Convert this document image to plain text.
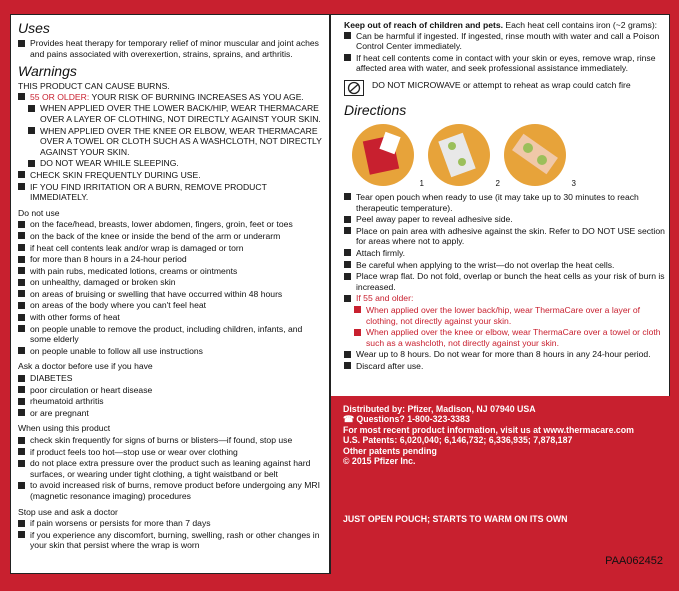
Uses
Provides heat therapy for temporary relief of minor muscular and joint aches and pains associated with overexertion, strains, sprains, and arthritis.
Warnings
THIS PRODUCT CAN CAUSE BURNS.
55 OR OLDER: YOUR RISK OF BURNING INCREASES AS YOU AGE.
WHEN APPLIED OVER THE LOWER BACK/HIP, WEAR THERMACARE OVER A LAYER OF CLOTHING, NOT DIRECTLY AGAINST YOUR SKIN.
WHEN APPLIED OVER THE KNEE OR ELBOW, WEAR THERMACARE OVER A TOWEL OR CLOTH SUCH AS A WASHCLOTH, NOT DIRECTLY AGAINST YOUR SKIN.
DO NOT WEAR WHILE SLEEPING.
CHECK SKIN FREQUENTLY DURING USE.
IF YOU FIND IRRITATION OR A BURN, REMOVE PRODUCT IMMEDIATELY.
Do not use
on the face/head, breasts, lower abdomen, fingers, groin, feet or toes
on the back of the knee or inside the bend of the arm or underarm
if heat cell contents leak and/or wrap is damaged or torn
for more than 8 hours in a 24-hour period
with pain rubs, medicated lotions, creams or ointments
on unhealthy, damaged or broken skin
on areas of bruising or swelling that have occurred within 48 hours
on areas of the body where you can't feel heat
with other forms of heat
on people unable to remove the product, including children, infants, and some elderly
on people unable to follow all use instructions
Ask a doctor before use if you have
DIABETES
poor circulation or heart disease
rheumatoid arthritis
or are pregnant
When using this product
check skin frequently for signs of burns or blisters—if found, stop use
if product feels too hot—stop use or wear over clothing
do not place extra pressure over the product such as leaning against hard surfaces, or wearing under tight clothing, a tight waistband or belt
to avoid increased risk of burns, remove product before undergoing any MRI (magnetic resonance imaging) procedures
Stop use and ask a doctor
if pain worsens or persists for more than 7 days
if you experience any discomfort, burning, swelling, rash or other changes in your skin that persist where the wrap is worn
Keep out of reach of children and pets. Each heat cell contains iron (~2 grams):
Can be harmful if ingested. If ingested, rinse mouth with water and call a Poison Control Center immediately.
If heat cell contents come in contact with your skin or eyes, remove wrap, rinse affected area with water, and seek professional assistance immediately.
DO NOT MICROWAVE or attempt to reheat as wrap could catch fire
Directions
1	2	3
Tear open pouch when ready to use (it may take up to 30 minutes to reach therapeutic temperature).
Peel away paper to reveal adhesive side.
Place on pain area with adhesive against the skin. Refer to DO NOT USE section for areas where not to apply.
Attach firmly.
Be careful when applying to the wrist—do not overlap the heat cells.
Place wrap flat. Do not fold, overlap or bunch the heat cells as your risk of burn is increased.
If 55 and older:
When applied over the lower back/hip, wear ThermaCare over a layer of clothing, not directly against your skin.
When applied over the knee or elbow, wear ThermaCare over a towel or cloth such as a washcloth, not directly against your skin.
Wear up to 8 hours. Do not wear for more than 8 hours in any 24-hour period.
Discard after use.
Distributed by: Pfizer, Madison, NJ 07940 USA
☎ Questions? 1-800-323-3383
For most recent product information, visit us at www.thermacare.com
U.S. Patents: 6,020,040; 6,146,732; 6,336,935; 7,878,187
Other patents pending
© 2015 Pfizer Inc.
JUST OPEN POUCH; STARTS TO WARM ON ITS OWN
PAA062452
